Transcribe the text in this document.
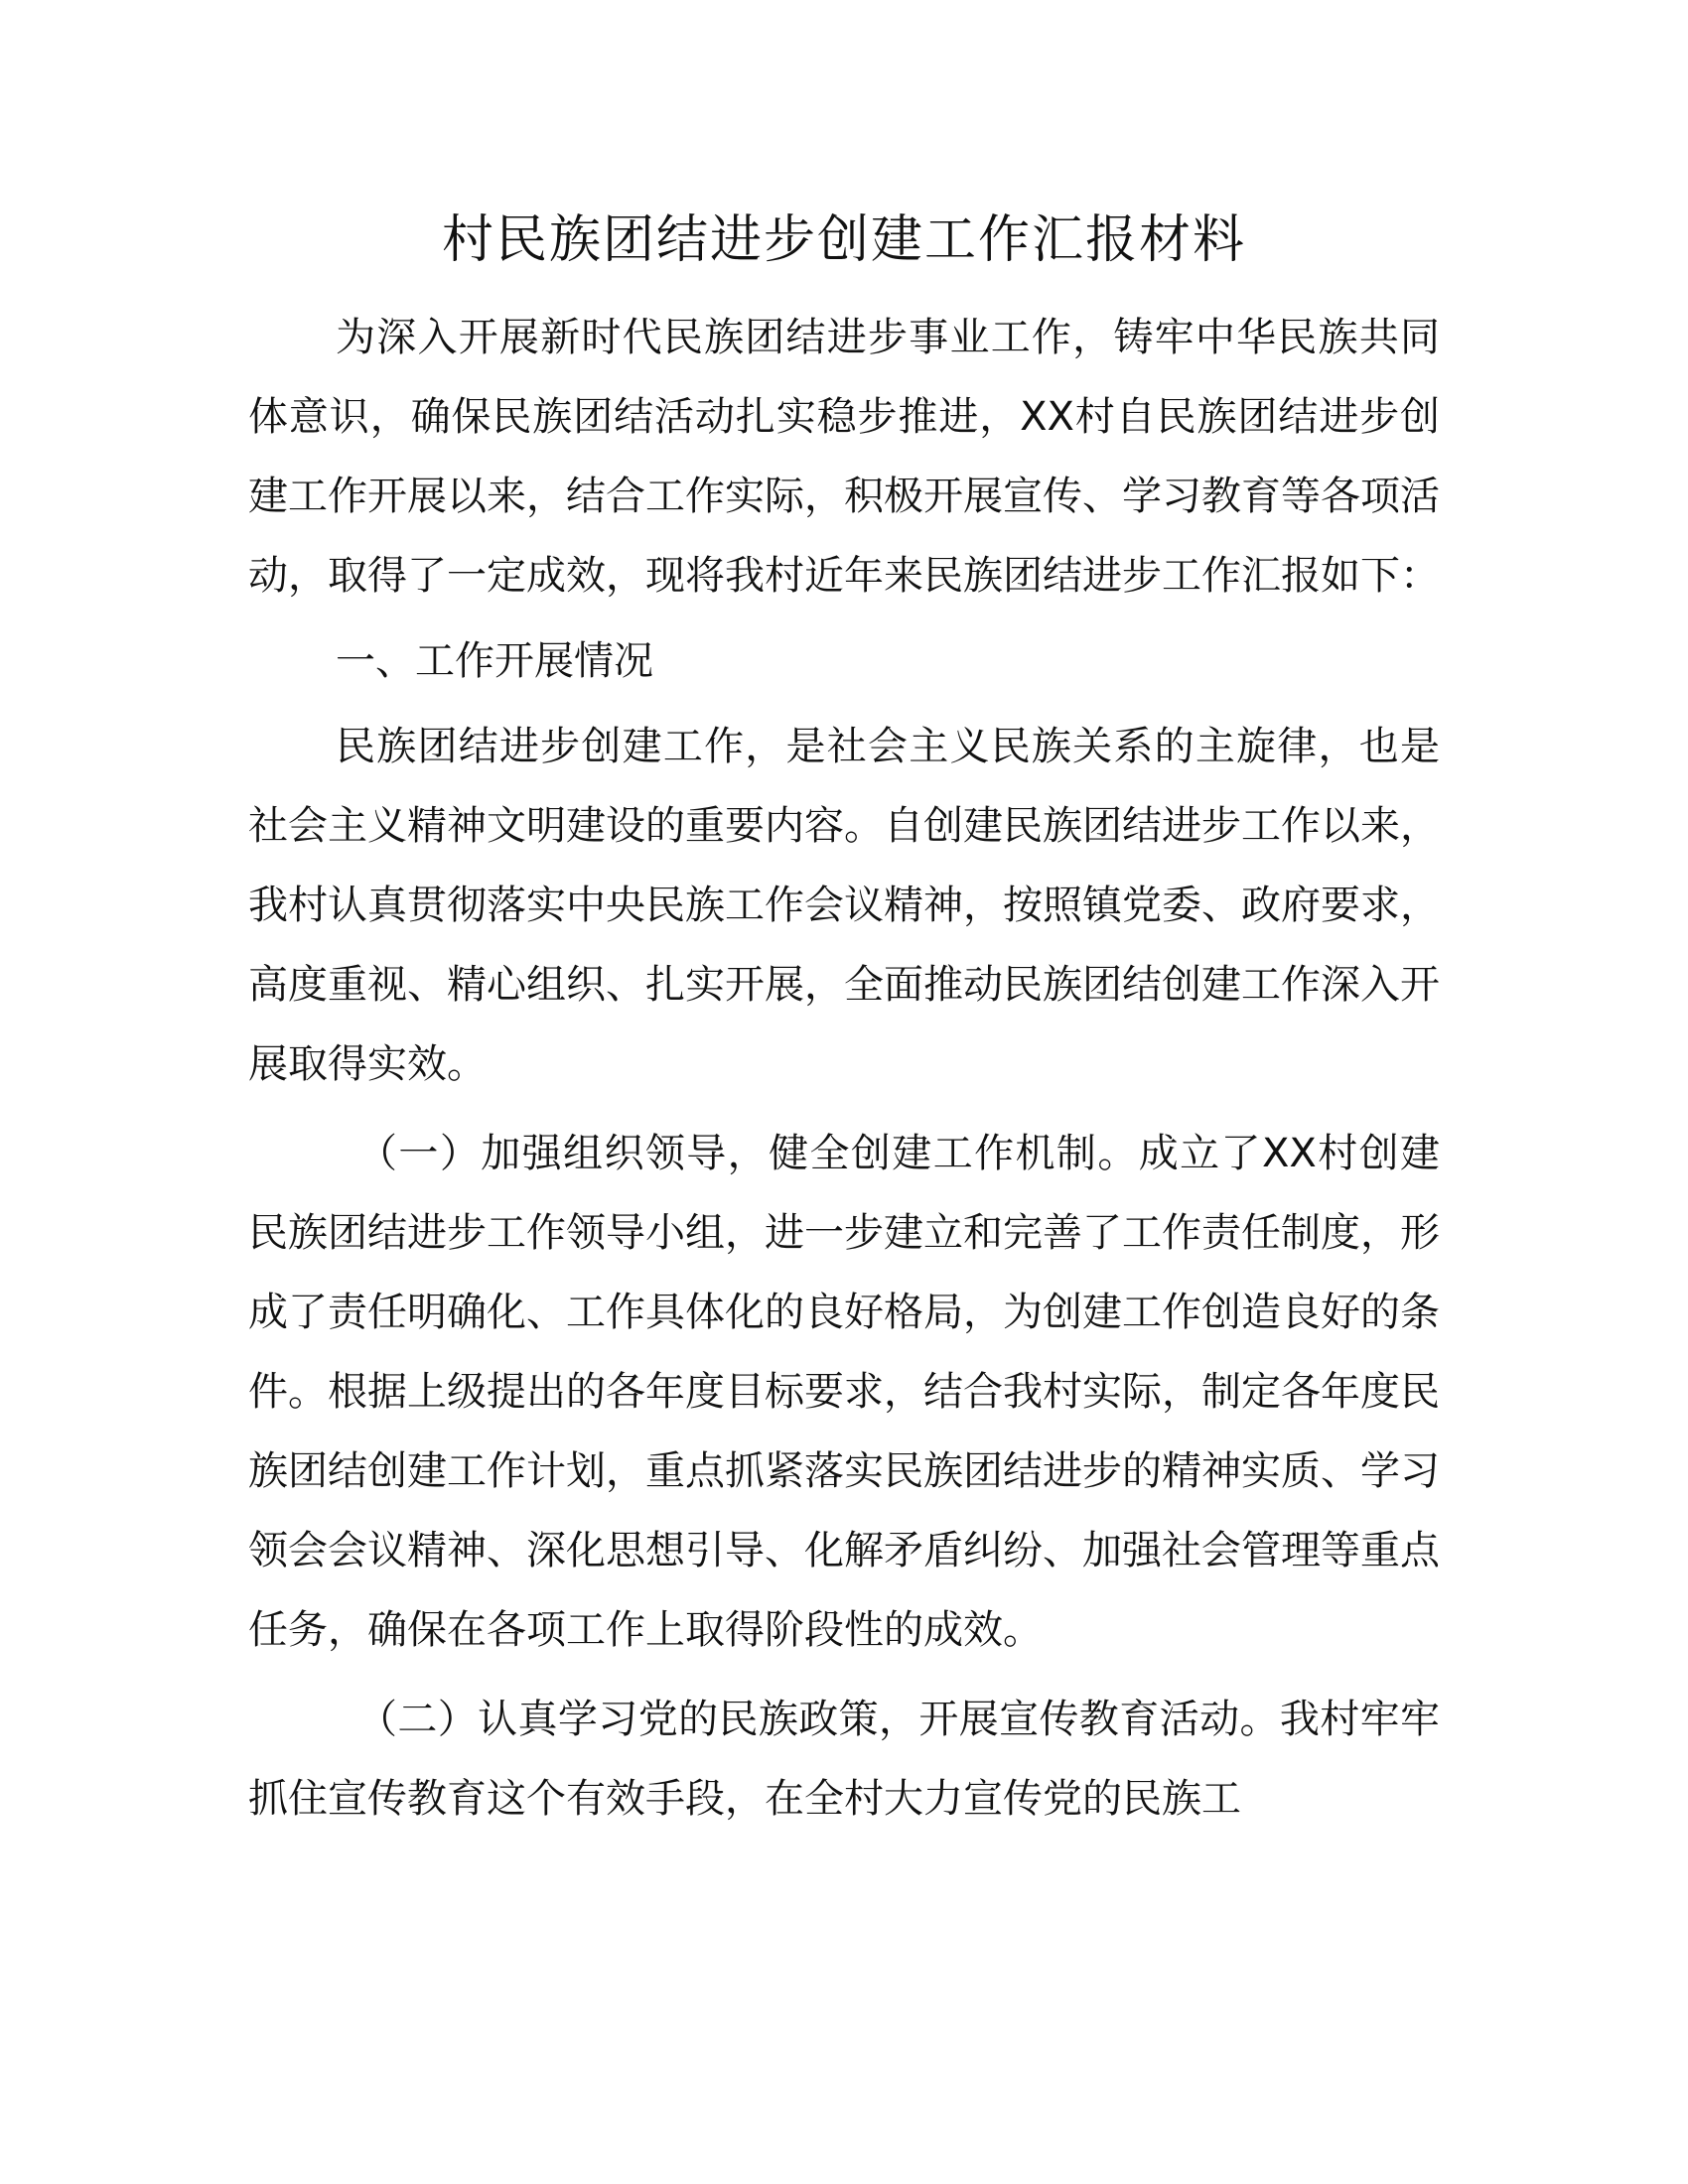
村民族团结进步创建工作汇报材料

为深入开展新时代民族团结进步事业工作，铸牢中华民族共同体意识，确保民族团结活动扎实稳步推进，XX村自民族团结进步创建工作开展以来，结合工作实际，积极开展宣传、学习教育等各项活动，取得了一定成效，现将我村近年来民族团结进步工作汇报如下：

一、工作开展情况

民族团结进步创建工作，是社会主义民族关系的主旋律，也是社会主义精神文明建设的重要内容。自创建民族团结进步工作以来，我村认真贯彻落实中央民族工作会议精神，按照镇党委、政府要求，高度重视、精心组织、扎实开展，全面推动民族团结创建工作深入开展取得实效。

（一）加强组织领导，健全创建工作机制。成立了XX村创建民族团结进步工作领导小组，进一步建立和完善了工作责任制度，形成了责任明确化、工作具体化的良好格局，为创建工作创造良好的条件。根据上级提出的各年度目标要求，结合我村实际，制定各年度民族团结创建工作计划，重点抓紧落实民族团结进步的精神实质、学习领会会议精神、深化思想引导、化解矛盾纠纷、加强社会管理等重点任务，确保在各项工作上取得阶段性的成效。

（二）认真学习党的民族政策，开展宣传教育活动。我村牢牢抓住宣传教育这个有效手段，在全村大力宣传党的民族工
